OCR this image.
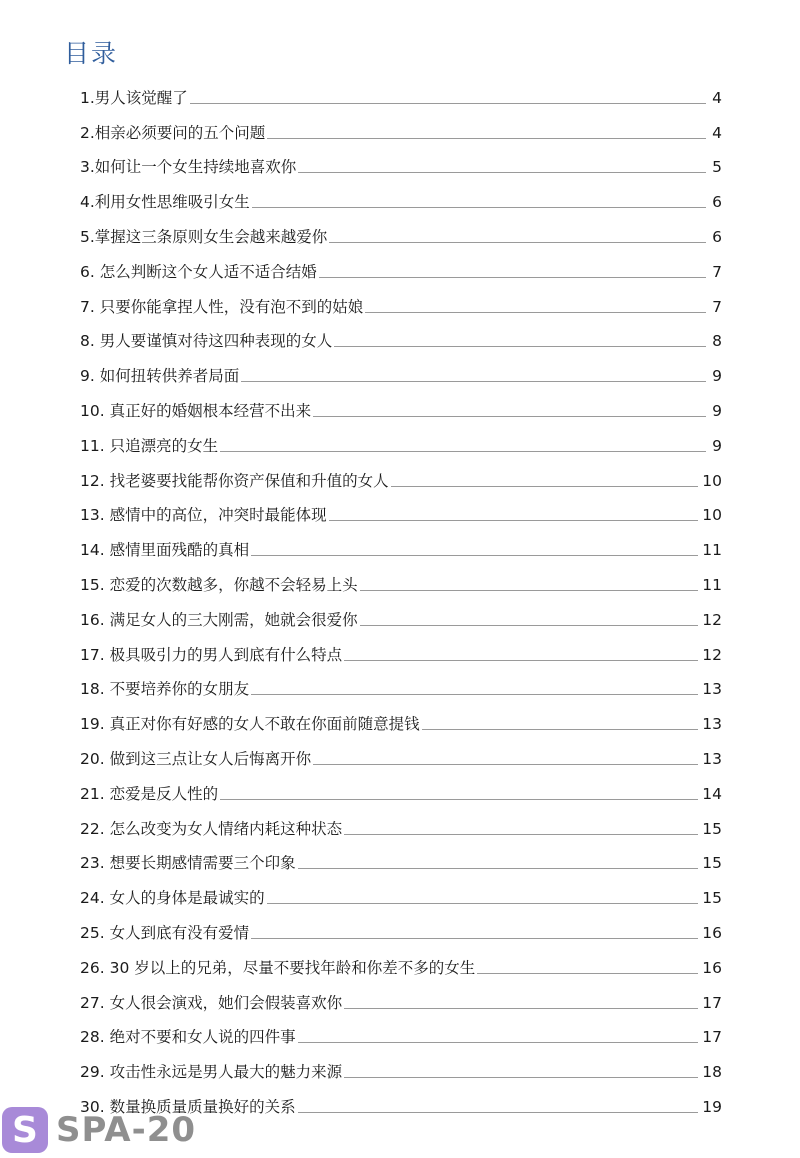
目录
1.男人该觉醒了	4
2.相亲必须要问的五个问题	4
3.如何让一个女生持续地喜欢你	5
4.利用女性思维吸引女生	6
5.掌握这三条原则女生会越来越爱你	6
6. 怎么判断这个女人适不适合结婚	7
7. 只要你能拿捏人性，没有泡不到的姑娘	7
8. 男人要谨慎对待这四种表现的女人	8
9. 如何扭转供养者局面	9
10. 真正好的婚姻根本经营不出来	9
11. 只追漂亮的女生	9
12. 找老婆要找能帮你资产保值和升值的女人	10
13. 感情中的高位，冲突时最能体现	10
14. 感情里面残酷的真相	11
15. 恋爱的次数越多，你越不会轻易上头	11
16. 满足女人的三大刚需，她就会很爱你	12
17. 极具吸引力的男人到底有什么特点	12
18. 不要培养你的女朋友	13
19. 真正对你有好感的女人不敢在你面前随意提钱	13
20. 做到这三点让女人后悔离开你	13
21. 恋爱是反人性的	14
22. 怎么改变为女人情绪内耗这种状态	15
23. 想要长期感情需要三个印象	15
24. 女人的身体是最诚实的	15
25. 女人到底有没有爱情	16
26. 30 岁以上的兄弟，尽量不要找年龄和你差不多的女生	16
27. 女人很会演戏，她们会假装喜欢你	17
28. 绝对不要和女人说的四件事	17
29. 攻击性永远是男人最大的魅力来源	18
30. 数量换质量质量换好的关系	19
S SPA-20
